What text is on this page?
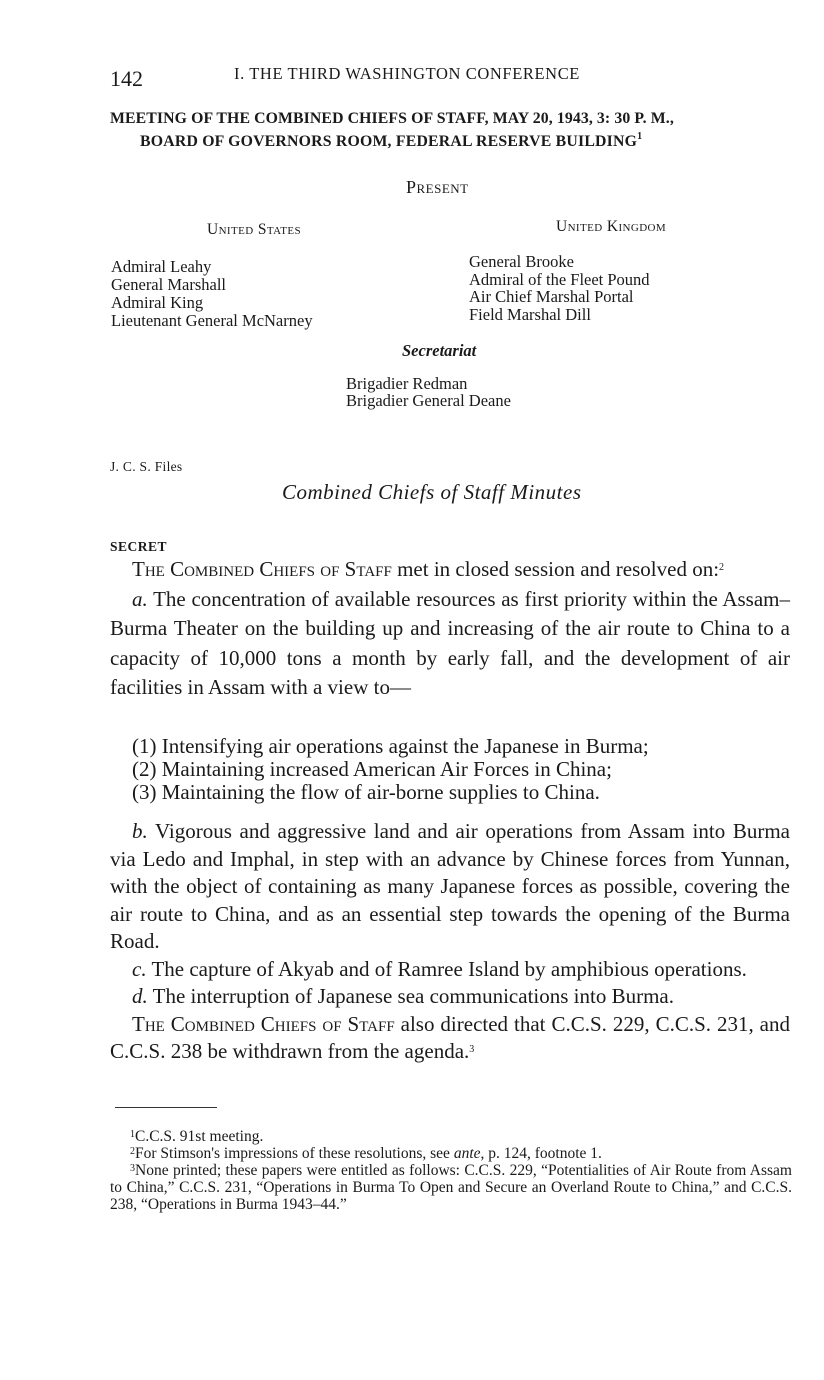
142	I. THE THIRD WASHINGTON CONFERENCE
MEETING OF THE COMBINED CHIEFS OF STAFF, MAY 20, 1943, 3: 30 P. M.,
BOARD OF GOVERNORS ROOM, FEDERAL RESERVE BUILDING$^1$
Present
United States	United Kingdom
Admiral Leahy
General Marshall
Admiral King
Lieutenant General McNarney
General Brooke
Admiral of the Fleet Pound
Air Chief Marshal Portal
Field Marshal Dill
Secretariat
Brigadier Redman
Brigadier General Deane
J. C. S. Files
Combined Chiefs of Staff Minutes
SECRET

The Combined Chiefs of Staff met in closed session and resolved on:$^2$

a. The concentration of available resources as first priority within the Assam–Burma Theater on the building up and increasing of the air route to China to a capacity of 10,000 tons a month by early fall, and the development of air facilities in Assam with a view to—

(1) Intensifying air operations against the Japanese in Burma;
(2) Maintaining increased American Air Forces in China;
(3) Maintaining the flow of air-borne supplies to China.

b. Vigorous and aggressive land and air operations from Assam into Burma via Ledo and Imphal, in step with an advance by Chinese forces from Yunnan, with the object of containing as many Japanese forces as possible, covering the air route to China, and as an essential step towards the opening of the Burma Road.

c. The capture of Akyab and of Ramree Island by amphibious operations.

d. The interruption of Japanese sea communications into Burma.

The Combined Chiefs of Staff also directed that C.C.S. 229, C.C.S. 231, and C.C.S. 238 be withdrawn from the agenda.$^3$

$^1$C.C.S. 91st meeting.

$^2$For Stimson's impressions of these resolutions, see ante, p. 124, footnote 1.

$^3$None printed; these papers were entitled as follows: C.C.S. 229, “Potentialities of Air Route from Assam to China,” C.C.S. 231, “Operations in Burma To Open and Secure an Overland Route to China,” and C.C.S. 238, “Operations in Burma 1943–44.”
